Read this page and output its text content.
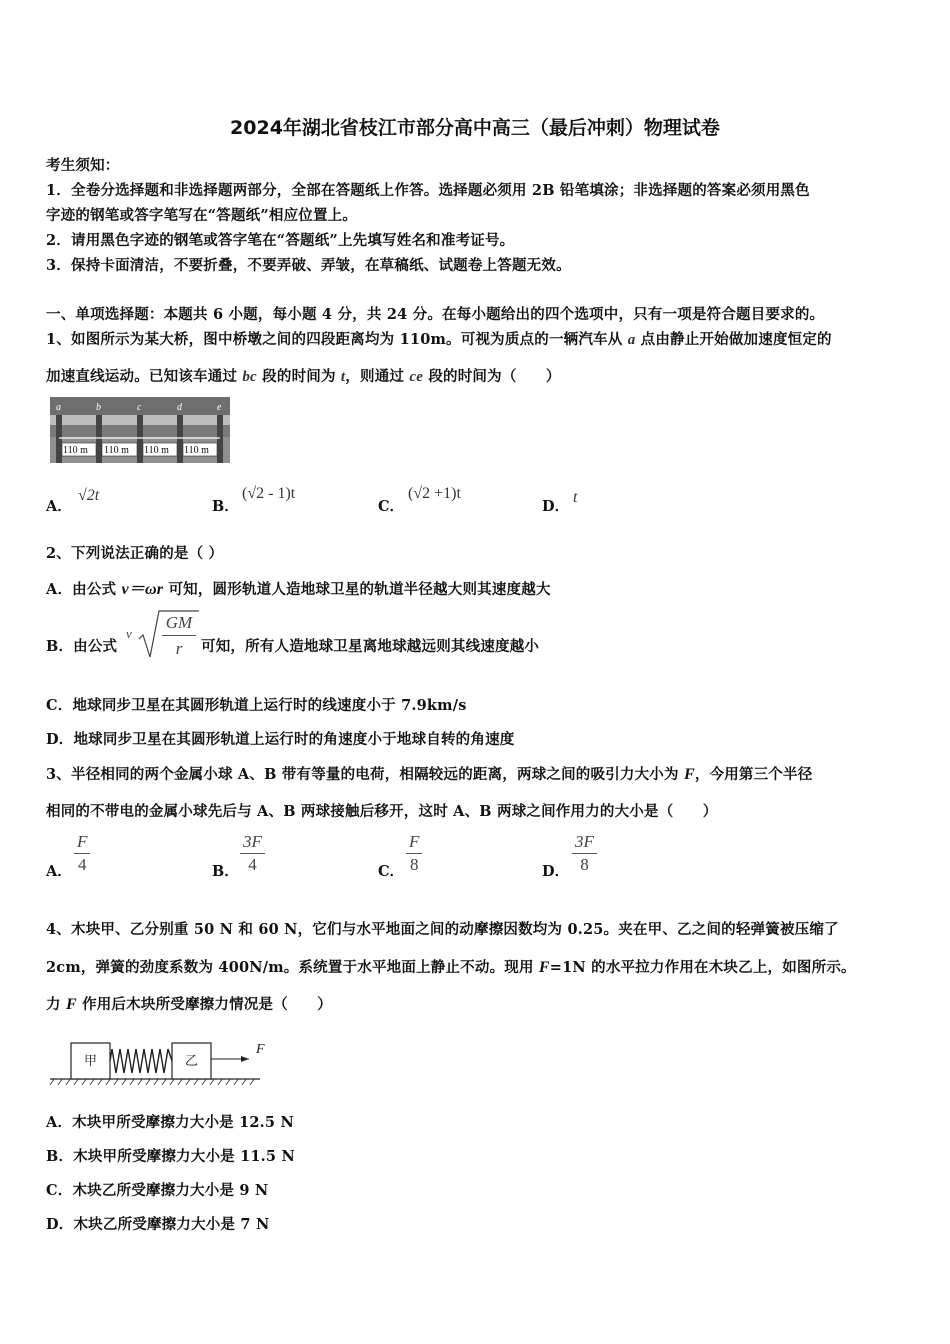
2024年湖北省枝江市部分高中高三（最后冲刺）物理试卷
考生须知：
1．全卷分选择题和非选择题两部分，全部在答题纸上作答。选择题必须用 2B 铅笔填涂；非选择题的答案必须用黑色
字迹的钢笔或答字笔写在“答题纸”相应位置上。
2．请用黑色字迹的钢笔或答字笔在“答题纸”上先填写姓名和准考证号。
3．保持卡面清洁，不要折叠，不要弄破、弄皱，在草稿纸、试题卷上答题无效。
一、单项选择题：本题共 6 小题，每小题 4 分，共 24 分。在每小题给出的四个选项中，只有一项是符合题目要求的。
1、如图所示为某大桥，图中桥墩之间的四段距离均为 110m。可视为质点的一辆汽车从 a 点由静止开始做加速度恒定的
加速直线运动。已知该车通过 bc 段的时间为 t，则通过 ce 段的时间为（　　）
a	b	c	d	e
110 m 110 m 110 m 110 m
A．
√2t
B．
(√2 - 1)t
C．
(√2 +1)t
D．
t
2、下列说法正确的是（ ）
A．由公式 v＝ωr 可知，圆形轨道人造地球卫星的轨道半径越大则其速度越大
B．由公式
v
GM
r	可知，所有人造地球卫星离地球越远则其线速度越小
C．地球同步卫星在其圆形轨道上运行时的线速度小于 7.9km/s
D．地球同步卫星在其圆形轨道上运行时的角速度小于地球自转的角速度
3、半径相同的两个金属小球 A、B 带有等量的电荷，相隔较远的距离，两球之间的吸引力大小为 F，今用第三个半径
相同的不带电的金属小球先后与 A、B 两球接触后移开，这时 A、B 两球之间作用力的大小是（　　）
A． $\frac{F}{4}$	B． $\frac{3F}{4}$	C． $\frac{F}{8}$	D． $\frac{3F}{8}$
4、木块甲、乙分别重 50 N 和 60 N，它们与水平地面之间的动摩擦因数均为 0.25。夹在甲、乙之间的轻弹簧被压缩了
2cm，弹簧的劲度系数为 400N/m。系统置于水平地面上静止不动。现用 F=1N 的水平拉力作用在木块乙上，如图所示。
力 F 作用后木块所受摩擦力情况是（　　）
甲	乙
F
A．木块甲所受摩擦力大小是 12.5 N
B．木块甲所受摩擦力大小是 11.5 N
C．木块乙所受摩擦力大小是 9 N
D．木块乙所受摩擦力大小是 7 N
